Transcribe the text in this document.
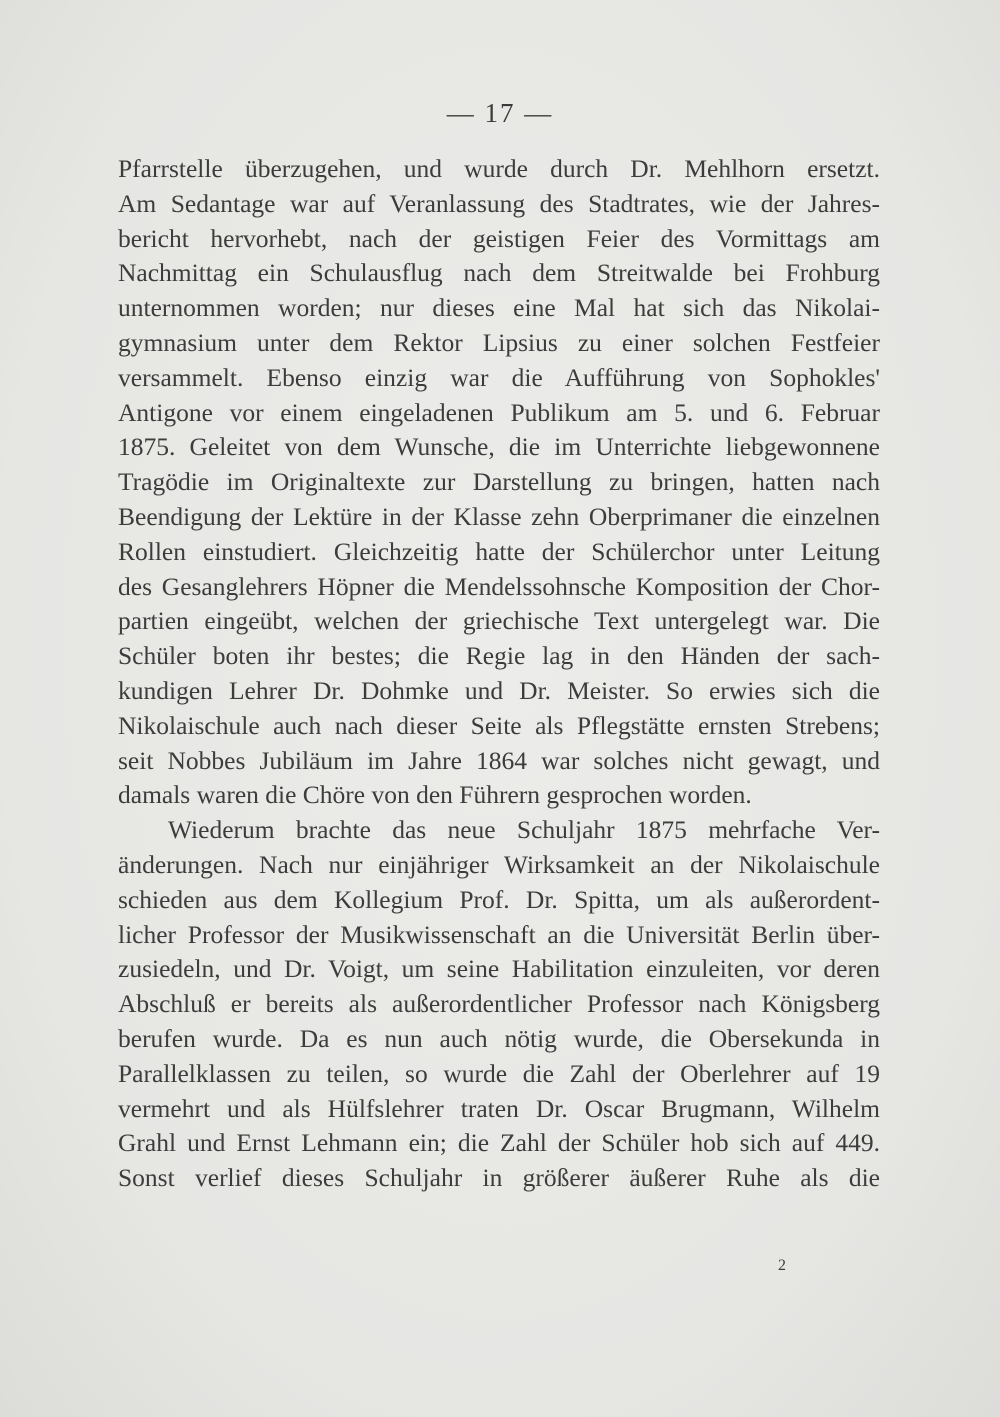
— 17 —
Pfarrstelle überzugehen, und wurde durch Dr. Mehlhorn ersetzt.
Am Sedantage war auf Veranlassung des Stadtrates, wie der Jahres-
bericht hervorhebt, nach der geistigen Feier des Vormittags am
Nachmittag ein Schulausflug nach dem Streitwalde bei Frohburg
unternommen worden; nur dieses eine Mal hat sich das Nikolai-
gymnasium unter dem Rektor Lipsius zu einer solchen Festfeier
versammelt. Ebenso einzig war die Aufführung von Sophokles'
Antigone vor einem eingeladenen Publikum am 5. und 6. Februar
1875. Geleitet von dem Wunsche, die im Unterrichte liebgewonnene
Tragödie im Originaltexte zur Darstellung zu bringen, hatten nach
Beendigung der Lektüre in der Klasse zehn Oberprimaner die einzelnen
Rollen einstudiert. Gleichzeitig hatte der Schülerchor unter Leitung
des Gesanglehrers Höpner die Mendelssohnsche Komposition der Chor-
partien eingeübt, welchen der griechische Text untergelegt war. Die
Schüler boten ihr bestes; die Regie lag in den Händen der sach-
kundigen Lehrer Dr. Dohmke und Dr. Meister. So erwies sich die
Nikolaischule auch nach dieser Seite als Pflegstätte ernsten Strebens;
seit Nobbes Jubiläum im Jahre 1864 war solches nicht gewagt, und
damals waren die Chöre von den Führern gesprochen worden.
Wiederum brachte das neue Schuljahr 1875 mehrfache Ver-
änderungen. Nach nur einjähriger Wirksamkeit an der Nikolaischule
schieden aus dem Kollegium Prof. Dr. Spitta, um als außerordent-
licher Professor der Musikwissenschaft an die Universität Berlin über-
zusiedeln, und Dr. Voigt, um seine Habilitation einzuleiten, vor deren
Abschluß er bereits als außerordentlicher Professor nach Königsberg
berufen wurde. Da es nun auch nötig wurde, die Obersekunda in
Parallelklassen zu teilen, so wurde die Zahl der Oberlehrer auf 19
vermehrt und als Hülfslehrer traten Dr. Oscar Brugmann, Wilhelm
Grahl und Ernst Lehmann ein; die Zahl der Schüler hob sich auf 449.
Sonst verlief dieses Schuljahr in größerer äußerer Ruhe als die
2
